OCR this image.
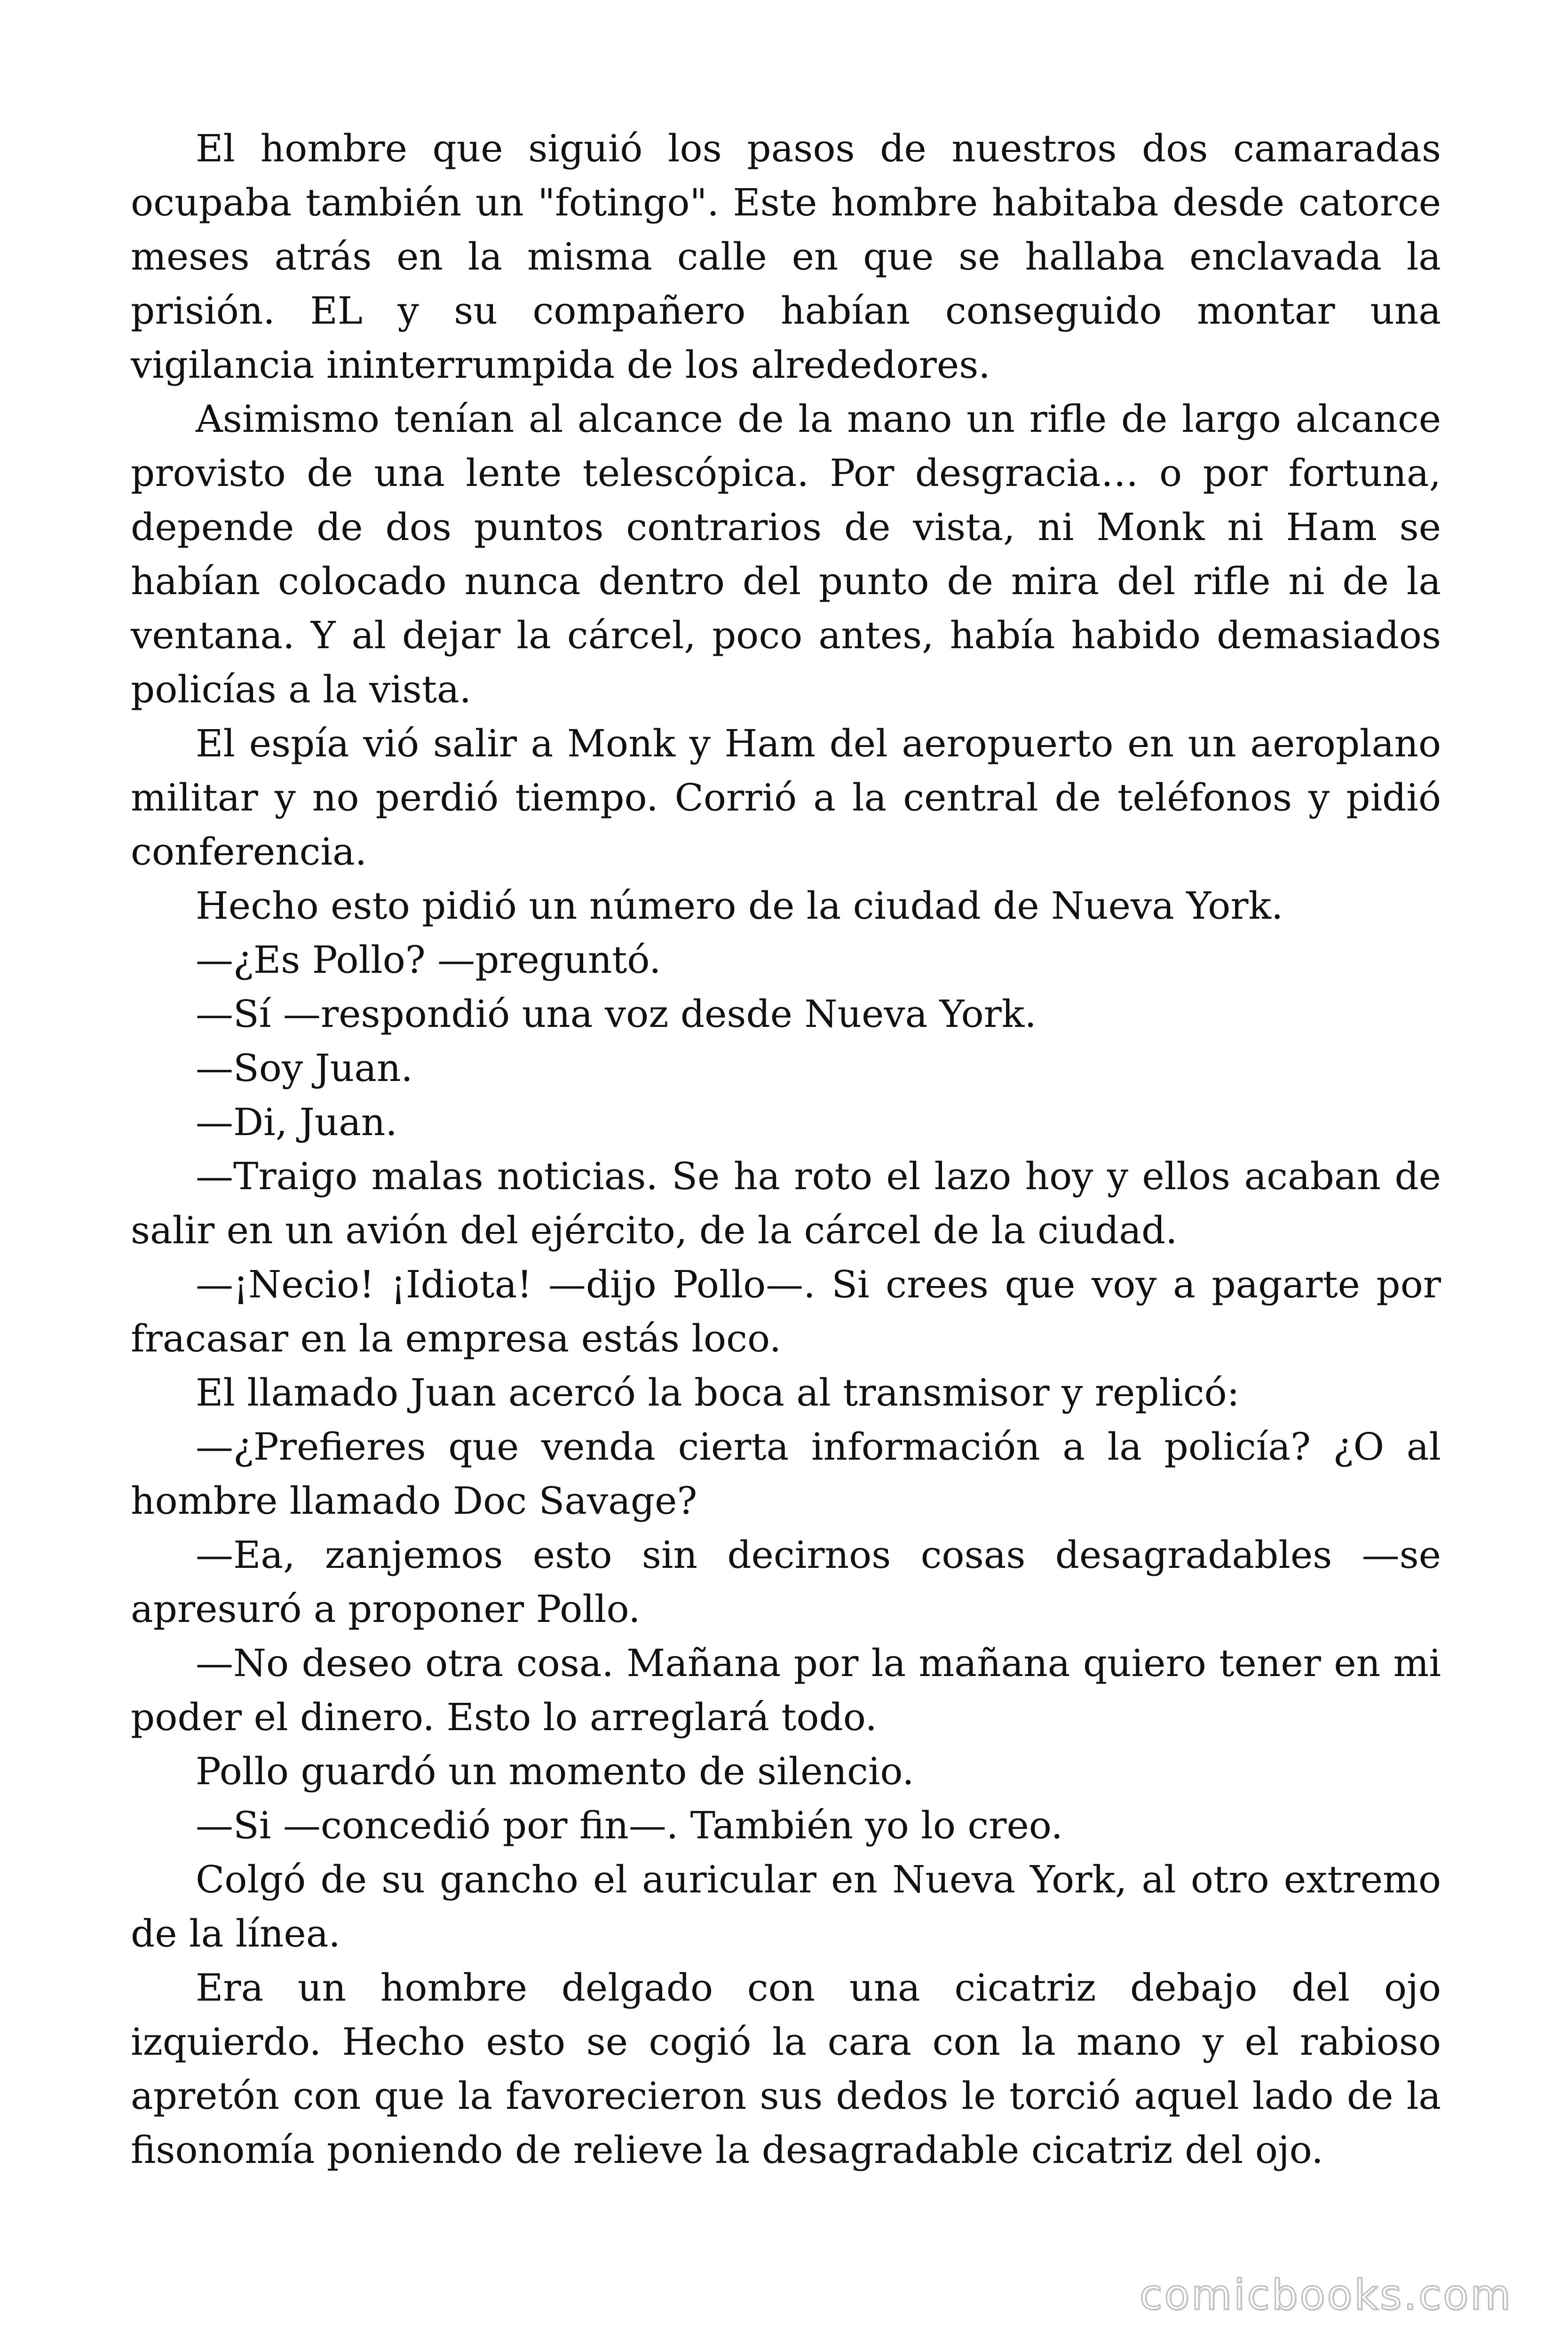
El hombre que siguió los pasos de nuestros dos camaradas ocupaba también un "fotingo". Este hombre habitaba desde catorce meses atrás en la misma calle en que se hallaba enclavada la prisión. EL y su compañero habían conseguido montar una vigilancia ininterrumpida de los alrededores.

Asimismo tenían al alcance de la mano un rifle de largo alcance provisto de una lente telescópica. Por desgracia… o por fortuna, depende de dos puntos contrarios de vista, ni Monk ni Ham se habían colocado nunca dentro del punto de mira del rifle ni de la ventana. Y al dejar la cárcel, poco antes, había habido demasiados policías a la vista.

El espía vió salir a Monk y Ham del aeropuerto en un aeroplano militar y no perdió tiempo. Corrió a la central de teléfonos y pidió conferencia.

Hecho esto pidió un número de la ciudad de Nueva York.

—¿Es Pollo? —preguntó.

—Sí —respondió una voz desde Nueva York.

—Soy Juan.

—Di, Juan.

—Traigo malas noticias. Se ha roto el lazo hoy y ellos acaban de salir en un avión del ejército, de la cárcel de la ciudad.

—¡Necio! ¡Idiota! —dijo Pollo—. Si crees que voy a pagarte por fracasar en la empresa estás loco.

El llamado Juan acercó la boca al transmisor y replicó:

—¿Prefieres que venda cierta información a la policía? ¿O al hombre llamado Doc Savage?

—Ea, zanjemos esto sin decirnos cosas desagradables —se apresuró a proponer Pollo.

—No deseo otra cosa. Mañana por la mañana quiero tener en mi poder el dinero. Esto lo arreglará todo.

Pollo guardó un momento de silencio.

—Si —concedió por fin—. También yo lo creo.

Colgó de su gancho el auricular en Nueva York, al otro extremo de la línea.

Era un hombre delgado con una cicatriz debajo del ojo izquierdo. Hecho esto se cogió la cara con la mano y el rabioso apretón con que la favorecieron sus dedos le torció aquel lado de la fisonomía poniendo de relieve la desagradable cicatriz del ojo.

comicbooks.com
